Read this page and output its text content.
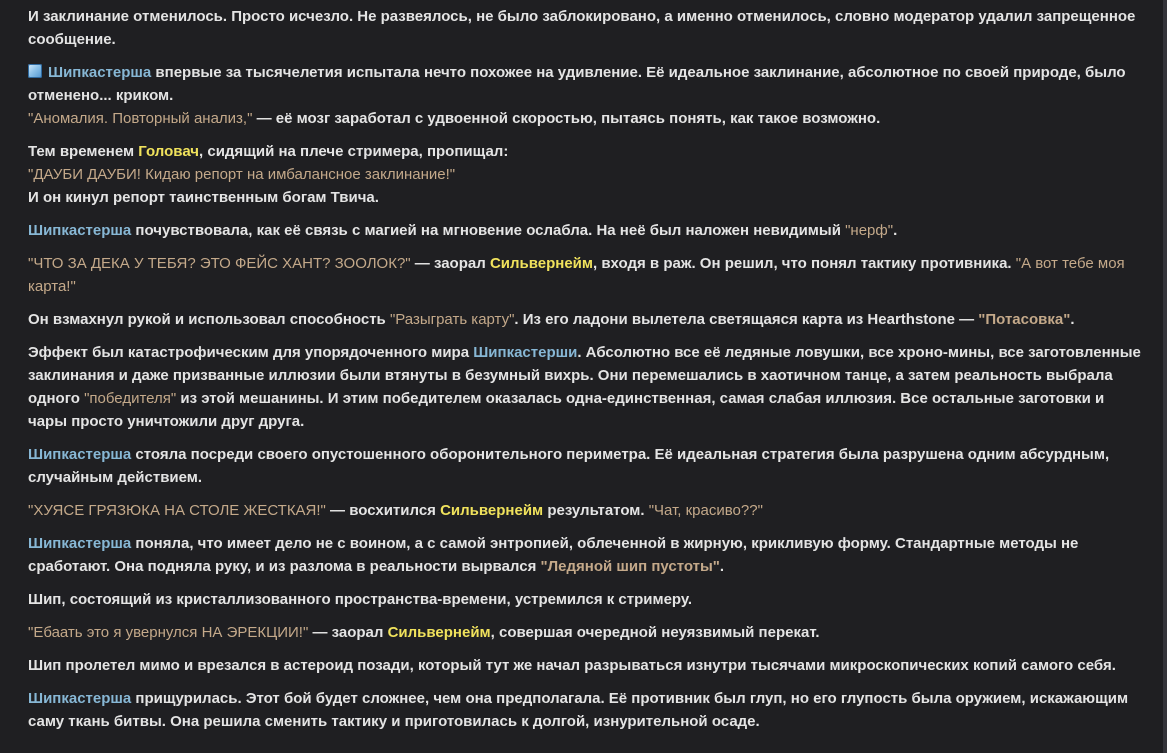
И заклинание отменилось. Просто исчезло. Не развеялось, не было заблокировано, а именно отменилось, словно модератор удалил запрещенное сообщение.

Шипкастерша впервые за тысячелетия испытала нечто похожее на удивление. Её идеальное заклинание, абсолютное по своей природе, было отменено... криком.

"Аномалия. Повторный анализ," — её мозг заработал с удвоенной скоростью, пытаясь понять, как такое возможно.

Тем временем Головач, сидящий на плече стримера, пропищал:

"ДАУБИ ДАУБИ! Кидаю репорт на имбалансное заклинание!"

И он кинул репорт таинственным богам Твича.

Шипкастерша почувствовала, как её связь с магией на мгновение ослабла. На неё был наложен невидимый "нерф".

"ЧТО ЗА ДЕКА У ТЕБЯ? ЭТО ФЕЙС ХАНТ? ЗООЛОК?" — заорал Сильвернейм, входя в раж. Он решил, что понял тактику противника. "А вот тебе моя карта!"

Он взмахнул рукой и использовал способность "Разыграть карту". Из его ладони вылетела светящаяся карта из Hearthstone — "Потасовка".

Эффект был катастрофическим для упорядоченного мира Шипкастерши. Абсолютно все её ледяные ловушки, все хроно-мины, все заготовленные заклинания и даже призванные иллюзии были втянуты в безумный вихрь. Они перемешались в хаотичном танце, а затем реальность выбрала одного "победителя" из этой мешанины. И этим победителем оказалась одна-единственная, самая слабая иллюзия. Все остальные заготовки и чары просто уничтожили друг друга.

Шипкастерша стояла посреди своего опустошенного оборонительного периметра. Её идеальная стратегия была разрушена одним абсурдным, случайным действием.

"ХУЯСЕ ГРЯЗЮКА НА СТОЛЕ ЖЕСТКАЯ!" — восхитился Сильвернейм результатом. "Чат, красиво??"

Шипкастерша поняла, что имеет дело не с воином, а с самой энтропией, облеченной в жирную, крикливую форму. Стандартные методы не сработают. Она подняла руку, и из разлома в реальности вырвался "Ледяной шип пустоты".

Шип, состоящий из кристаллизованного пространства-времени, устремился к стримеру.

"Ебаать это я увернулся НА ЭРЕКЦИИ!" — заорал Сильвернейм, совершая очередной неуязвимый перекат.

Шип пролетел мимо и врезался в астероид позади, который тут же начал разрываться изнутри тысячами микроскопических копий самого себя.

Шипкастерша прищурилась. Этот бой будет сложнее, чем она предполагала. Её противник был глуп, но его глупость была оружием, искажающим саму ткань битвы. Она решила сменить тактику и приготовилась к долгой, изнурительной осаде.
